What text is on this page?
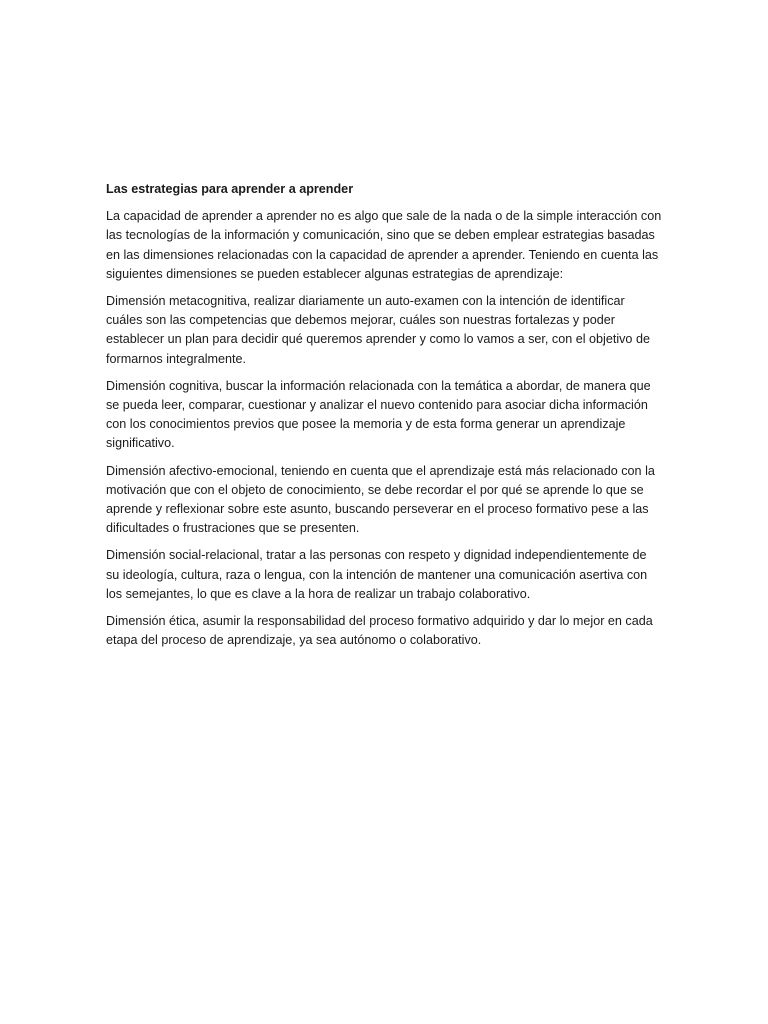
Las estrategias para aprender a aprender

La capacidad de aprender a aprender no es algo que sale de la nada o de la simple interacción con las tecnologías de la información y comunicación, sino que se deben emplear estrategias basadas en las dimensiones relacionadas con la capacidad de aprender a aprender. Teniendo en cuenta las siguientes dimensiones se pueden establecer algunas estrategias de aprendizaje:

Dimensión metacognitiva, realizar diariamente un auto-examen con la intención de identificar cuáles son las competencias que debemos mejorar, cuáles son nuestras fortalezas y poder establecer un plan para decidir qué queremos aprender y como lo vamos a ser, con el objetivo de formarnos integralmente.

Dimensión cognitiva, buscar la información relacionada con la temática a abordar, de manera que se pueda leer, comparar, cuestionar y analizar el nuevo contenido para asociar dicha información con los conocimientos previos que posee la memoria y de esta forma generar un aprendizaje significativo.

Dimensión afectivo-emocional, teniendo en cuenta que el aprendizaje está más relacionado con la motivación que con el objeto de conocimiento, se debe recordar el por qué se aprende lo que se aprende y reflexionar sobre este asunto, buscando perseverar en el proceso formativo pese a las dificultades o frustraciones que se presenten.

Dimensión social-relacional, tratar a las personas con respeto y dignidad independientemente de su ideología, cultura, raza o lengua, con la intención de mantener una comunicación asertiva con los semejantes, lo que es clave a la hora de realizar un trabajo colaborativo.

Dimensión ética, asumir la responsabilidad del proceso formativo adquirido y dar lo mejor en cada etapa del proceso de aprendizaje, ya sea autónomo o colaborativo.
